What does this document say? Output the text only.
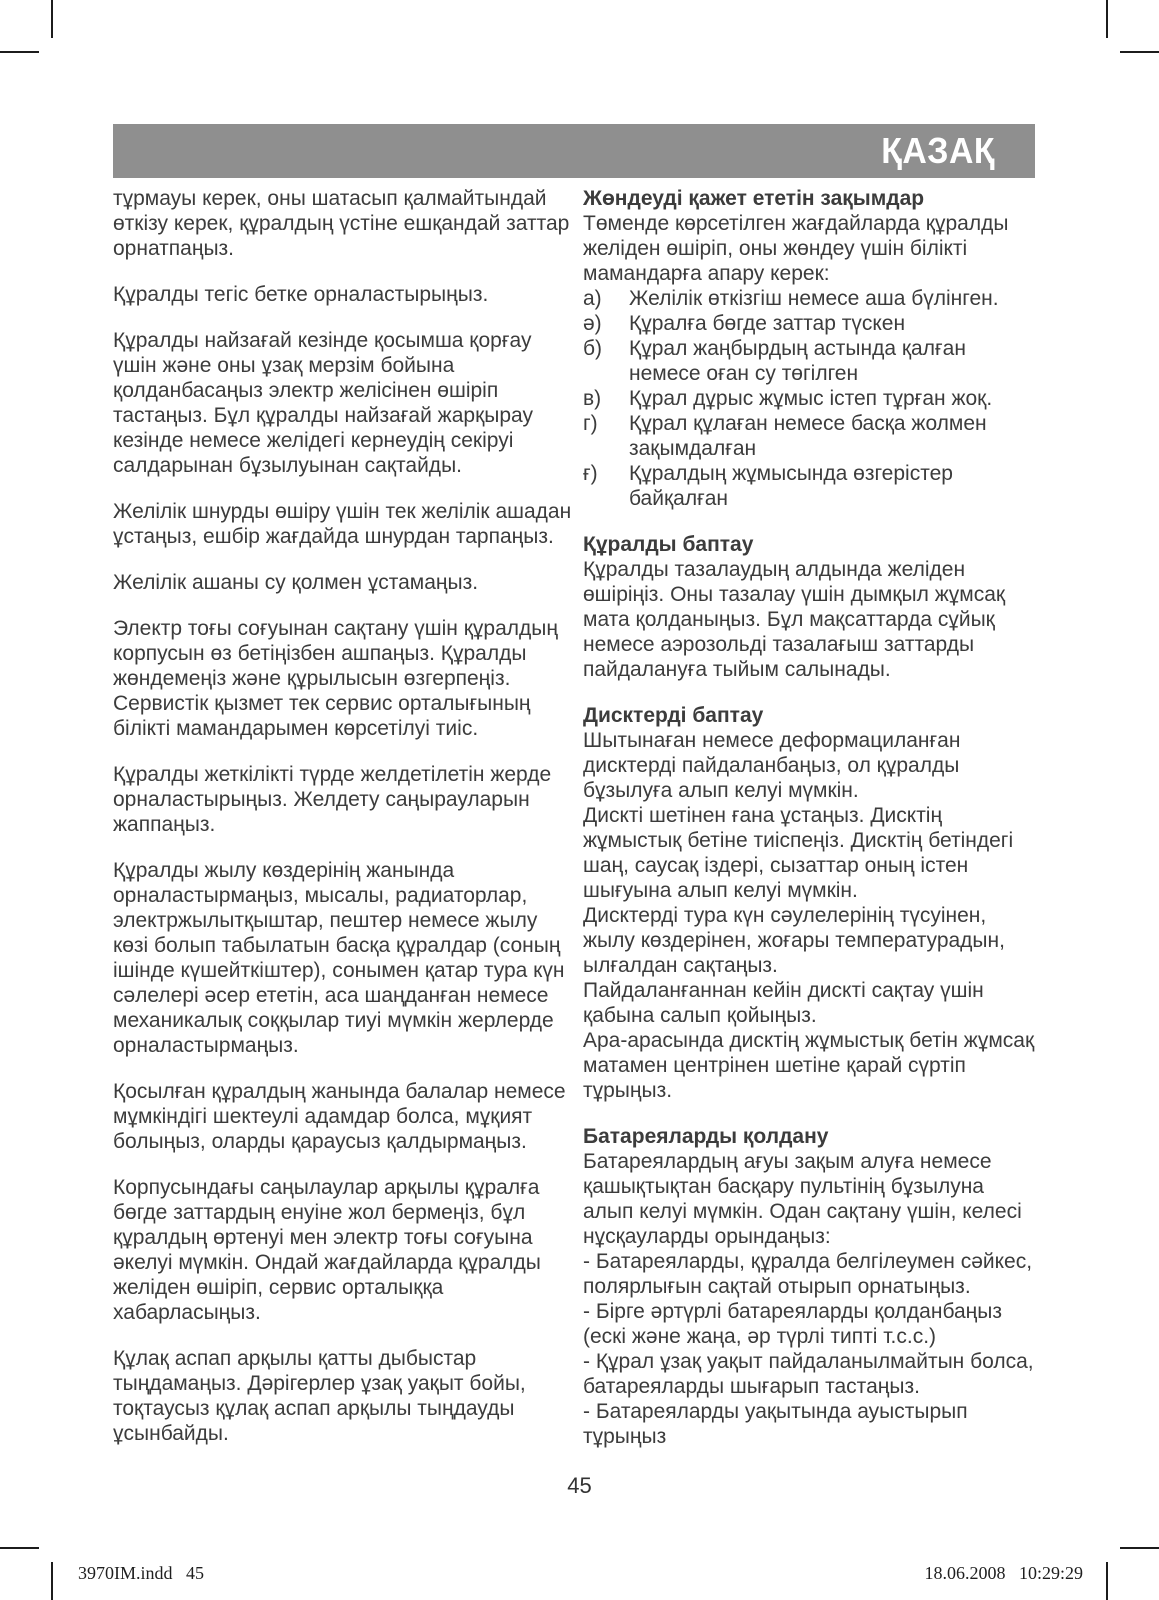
ҚАЗАҚ
тұрмауы керек, оны шатасып қалмайтындай өткізу керек, құралдың үстіне ешқандай заттар орнатпаңыз.
Құралды тегіс бетке орналастырыңыз.
Құралды найзағай кезінде қосымша қорғау үшін және оны ұзақ мерзім бойына қолданбасаңыз электр желісінен өшіріп тастаңыз. Бұл құралды найзағай жарқырау кезінде немесе желідегі кернеудің секіруі салдарынан бұзылуынан сақтайды.
Желілік шнурды өшіру үшін тек желілік ашадан ұстаңыз, ешбір жағдайда шнурдан тарпаңыз.
Желілік ашаны су қолмен ұстамаңыз.
Электр тоғы соғуынан сақтану үшін құралдың корпусын өз бетіңізбен ашпаңыз. Құралды жөндемеңіз және құрылысын өзгерпеңіз. Сервистік қызмет тек сервис орталығының білікті мамандарымен көрсетілуі тиіс.
Құралды жеткілікті түрде желдетілетін жерде орналастырыңыз. Желдету саңырауларын жаппаңыз.
Құралды жылу көздерінің жанында орналастырмаңыз, мысалы, радиаторлар, электржылытқыштар, пештер немесе жылу көзі болып табылатын басқа құралдар (соның ішінде күшейткіштер), сонымен қатар тура күн сәлелері әсер ететін, аса шаңданған немесе механикалық соққылар тиуі мүмкін жерлерде орналастырмаңыз.
Қосылған құралдың жанында балалар немесе мұмкіндігі шектеулі адамдар болса, мұқият болыңыз, оларды қараусыз қалдырмаңыз.
Корпусындағы саңылаулар арқылы құралға бөгде заттардың енуіне жол бермеңіз, бұл құралдың өртенуі мен электр тоғы соғуына әкелуі мүмкін. Ондай жағдайларда құралды желіден өшіріп, сервис орталыққа хабарласыңыз.
Құлақ аспап арқылы қатты дыбыстар тыңдамаңыз. Дәрігерлер ұзақ уақыт бойы, тоқтаусыз құлақ аспап арқылы тыңдауды ұсынбайды.
Жөндеуді қажет ететін зақымдар
Төменде көрсетілген жағдайларда құралды желіден өшіріп, оны жөндеу үшін білікті мамандарға апару керек:
а)	Желілік өткізгіш немесе аша бүлінген.
ә)	Құралға бөгде заттар түскен
б)	Құрал жаңбырдың астында қалған немесе оған су төгілген
в)	Құрал дұрыс жұмыс істеп тұрған жоқ.
г)	Құрал құлаған немесе басқа жолмен зақымдалған
ғ)	Құралдың жұмысында өзгерістер байқалған
Құралды баптау
Құралды тазалаудың алдында желіден өшіріңіз. Оны тазалау үшін дымқыл жұмсақ мата қолданыңыз. Бұл мақсаттарда сұйық немесе аэрозольді тазалағыш заттарды пайдалануға тыйым салынады.
Дисктерді баптау
Шытынаған немесе деформациланған дисктерді пайдаланбаңыз, ол құралды бұзылуға алып келуі мүмкін.
Дискті шетінен ғана ұстаңыз. Дисктің жұмыстық бетіне тиіспеңіз. Дисктің бетіндегі шаң, саусақ іздері, сызаттар оның істен шығуына алып келуі мүмкін.
Дисктерді тура күн сәулелерінің түсуінен, жылу көздерінен, жоғары температурадын, ылғалдан сақтаңыз.
Пайдаланғаннан кейін дискті сақтау үшін қабына салып қойыңыз.
Ара-арасында дисктің жұмыстық бетін жұмсақ матамен центрінен шетіне қарай сүртіп тұрыңыз.
Батареяларды қолдану
Батареялардың ағуы зақым алуға немесе қашықтықтан басқару пультінің бұзылуна алып келуі мүмкін. Одан сақтану үшін, келесі нұсқауларды орындаңыз:
- Батареяларды, құралда белгілеумен сәйкес, полярлығын сақтай отырып орнатыңыз.
- Бірге әртүрлі батареяларды қолданбаңыз (ескі және жаңа, әр түрлі типті т.с.с.)
- Құрал ұзақ уақыт пайдаланылмайтын болса, батареяларды шығарып тастаңыз.
- Батареяларды уақытында ауыстырып тұрыңыз
45
3970IM.indd   45	18.06.2008   10:29:29
